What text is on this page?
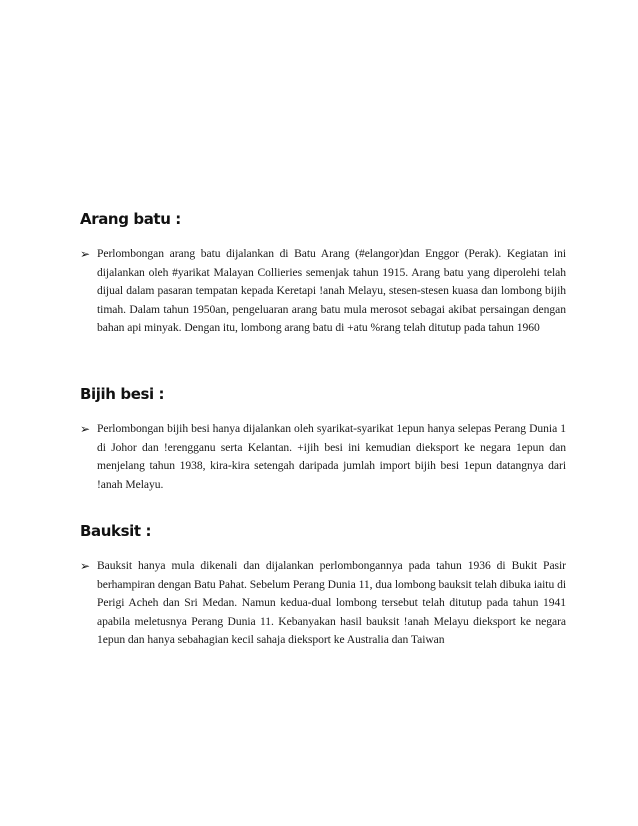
Arang batu :
➢ Perlombongan arang batu dijalankan di Batu Arang (#elangor)dan Enggor (Perak). Kegiatan ini dijalankan oleh #yarikat Malayan Collieries semenjak tahun 1915. Arang batu yang diperolehi telah dijual dalam pasaran tempatan kepada Keretapi !anah Melayu, stesen-stesen kuasa dan lombong bijih timah. Dalam tahun 1950an, pengeluaran arang batu mula merosot sebagai akibat persaingan dengan bahan api minyak. Dengan itu, lombong arang batu di +atu %rang telah ditutup pada tahun 1960

Bijih besi :
➢ Perlombongan bijih besi hanya dijalankan oleh syarikat-syarikat 1epun hanya selepas Perang Dunia 1 di Johor dan !erengganu serta Kelantan. +ijih besi ini kemudian dieksport ke negara 1epun dan menjelang tahun 1938, kira-kira setengah daripada jumlah import bijih besi 1epun datangnya dari !anah Melayu.

Bauksit :
➢ Bauksit hanya mula dikenali dan dijalankan perlombongannya pada tahun 1936 di Bukit Pasir berhampiran dengan Batu Pahat. Sebelum Perang Dunia 11, dua lombong bauksit telah dibuka iaitu di Perigi Acheh dan Sri Medan. Namun kedua-dual lombong tersebut telah ditutup pada tahun 1941 apabila meletusnya Perang Dunia 11. Kebanyakan hasil bauksit !anah Melayu dieksport ke negara 1epun dan hanya sebahagian kecil sahaja dieksport ke Australia dan Taiwan
